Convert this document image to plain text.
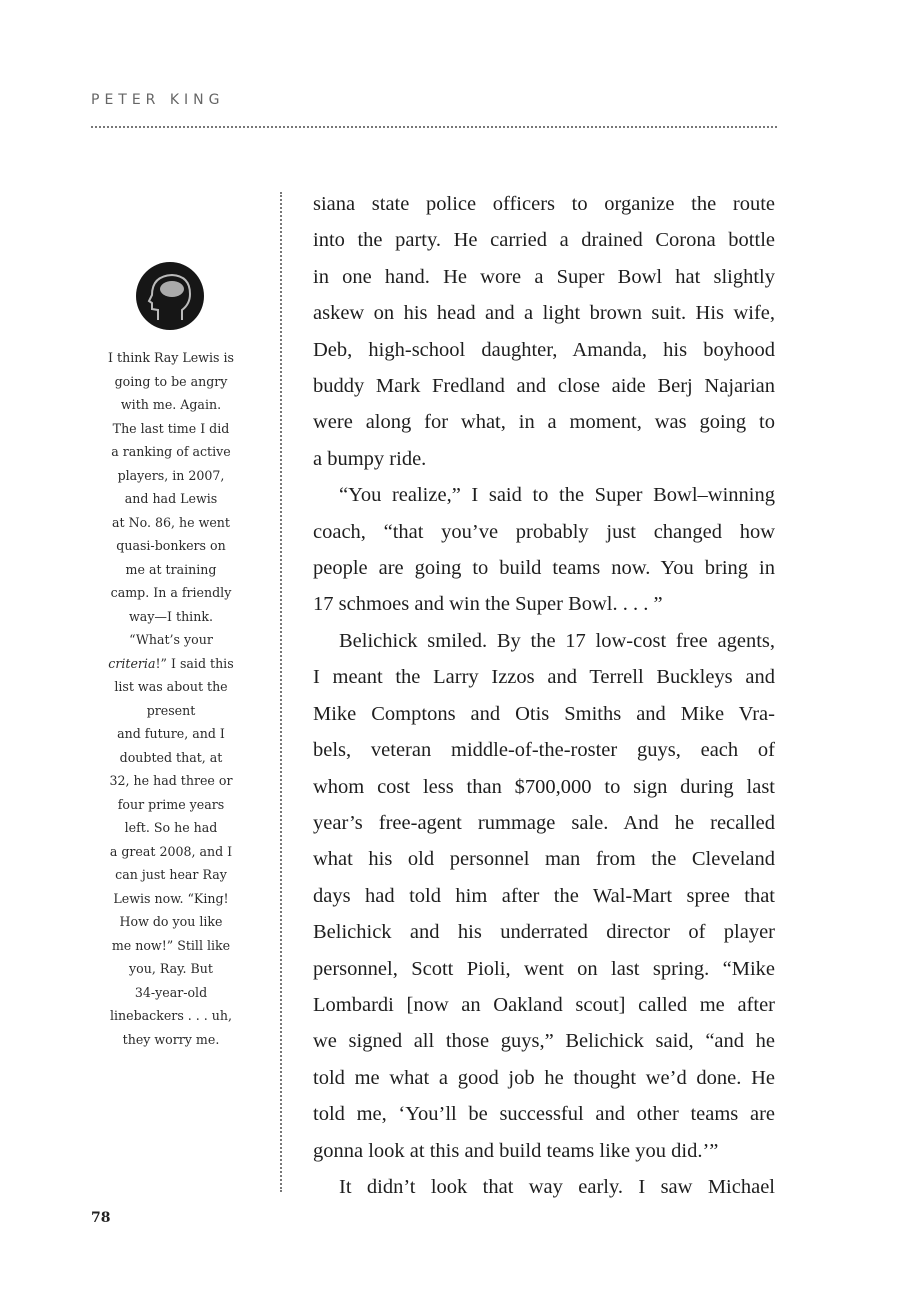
PETER KING
I think Ray Lewis is
going to be angry
with me. Again.
The last time I did
a ranking of active
players, in 2007,
and had Lewis
at No. 86, he went
quasi-bonkers on
me at training
camp. In a friendly
way—I think.
“What’s your
criteria!” I said this
list was about the
present
and future, and I
doubted that, at
32, he had three or
four prime years
left. So he had
a great 2008, and I
can just hear Ray
Lewis now. “King!
How do you like
me now!” Still like
you, Ray. But
34-year-old
linebackers . . . uh,
they worry me.
siana state police officers to organize the route
into the party. He carried a drained Corona bottle
in one hand. He wore a Super Bowl hat slightly
askew on his head and a light brown suit. His wife,
Deb, high-school daughter, Amanda, his boyhood
buddy Mark Fredland and close aide Berj Najarian
were along for what, in a moment, was going to
a bumpy ride.
“You realize,” I said to the Super Bowl–winning
coach, “that you’ve probably just changed how
people are going to build teams now. You bring in
17 schmoes and win the Super Bowl. . . . ”
Belichick smiled. By the 17 low-cost free agents,
I meant the Larry Izzos and Terrell Buckleys and
Mike Comptons and Otis Smiths and Mike Vra-
bels, veteran middle-of-the-roster guys, each of
whom cost less than $700,000 to sign during last
year’s free-agent rummage sale. And he recalled
what his old personnel man from the Cleveland
days had told him after the Wal-Mart spree that
Belichick and his underrated director of player
personnel, Scott Pioli, went on last spring. “Mike
Lombardi [now an Oakland scout] called me after
we signed all those guys,” Belichick said, “and he
told me what a good job he thought we’d done. He
told me, ‘You’ll be successful and other teams are
gonna look at this and build teams like you did.’”
It didn’t look that way early. I saw Michael
78
